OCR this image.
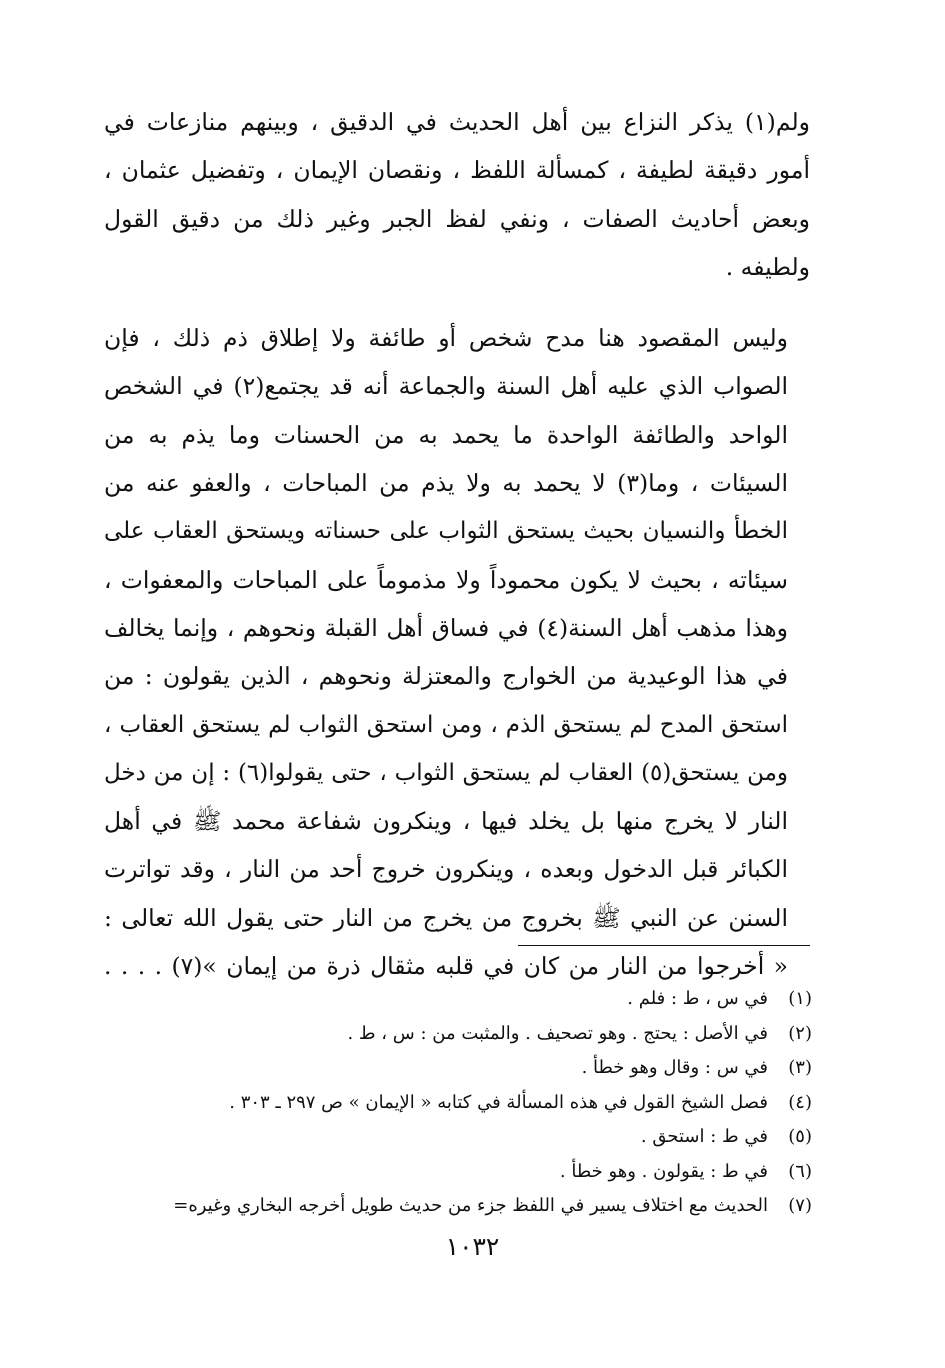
ولم(١) يذكر النزاع بين أهل الحديث في الدقيق ، وبينهم منازعات في
أمور دقيقة لطيفة ، كمسألة اللفظ ، ونقصان الإيمان ، وتفضيل عثمان ،
وبعض أحاديث الصفات ، ونفي لفظ الجبر وغير ذلك من دقيق القول
ولطيفه .

وليس المقصود هنا مدح شخص أو طائفة ولا إطلاق ذم ذلك ، فإن
الصواب الذي عليه أهل السنة والجماعة أنه قد يجتمع(٢) في الشخص
الواحد والطائفة الواحدة ما يحمد به من الحسنات وما يذم به من
السيئات ، وما(٣) لا يحمد به ولا يذم من المباحات ، والعفو عنه من
الخطأ والنسيان بحيث يستحق الثواب على حسناته ويستحق العقاب على
سيئاته ، بحيث لا يكون محموداً ولا مذموماً على المباحات والمعفوات ،
وهذا مذهب أهل السنة(٤) في فساق أهل القبلة ونحوهم ، وإنما يخالف
في هذا الوعيدية من الخوارج والمعتزلة ونحوهم ، الذين يقولون : من
استحق المدح لم يستحق الذم ، ومن استحق الثواب لم يستحق العقاب ،
ومن يستحق(٥) العقاب لم يستحق الثواب ، حتى يقولوا(٦) : إن من دخل
النار لا يخرج منها بل يخلد فيها ، وينكرون شفاعة محمد ﷺ في أهل
الكبائر قبل الدخول وبعده ، وينكرون خروج أحد من النار ، وقد تواترت
السنن عن النبي ﷺ بخروج من يخرج من النار حتى يقول الله تعالى :
« أخرجوا من النار من كان في قلبه مثقال ذرة من إيمان »(٧) . . . .

(١)
في س ، ط : فلم .
(٢)
في الأصل : يحتج . وهو تصحيف . والمثبت من : س ، ط .
(٣)
في س : وقال وهو خطأ .
(٤)
فصل الشيخ القول في هذه المسألة في كتابه « الإيمان » ص ٢٩٧ ـ ٣٠٣ .
(٥)
في ط : استحق .
(٦)
في ط : يقولون . وهو خطأ .
(٧)
الحديث مع اختلاف يسير في اللفظ جزء من حديث طويل أخرجه البخاري وغيره=
١٠٣٢
